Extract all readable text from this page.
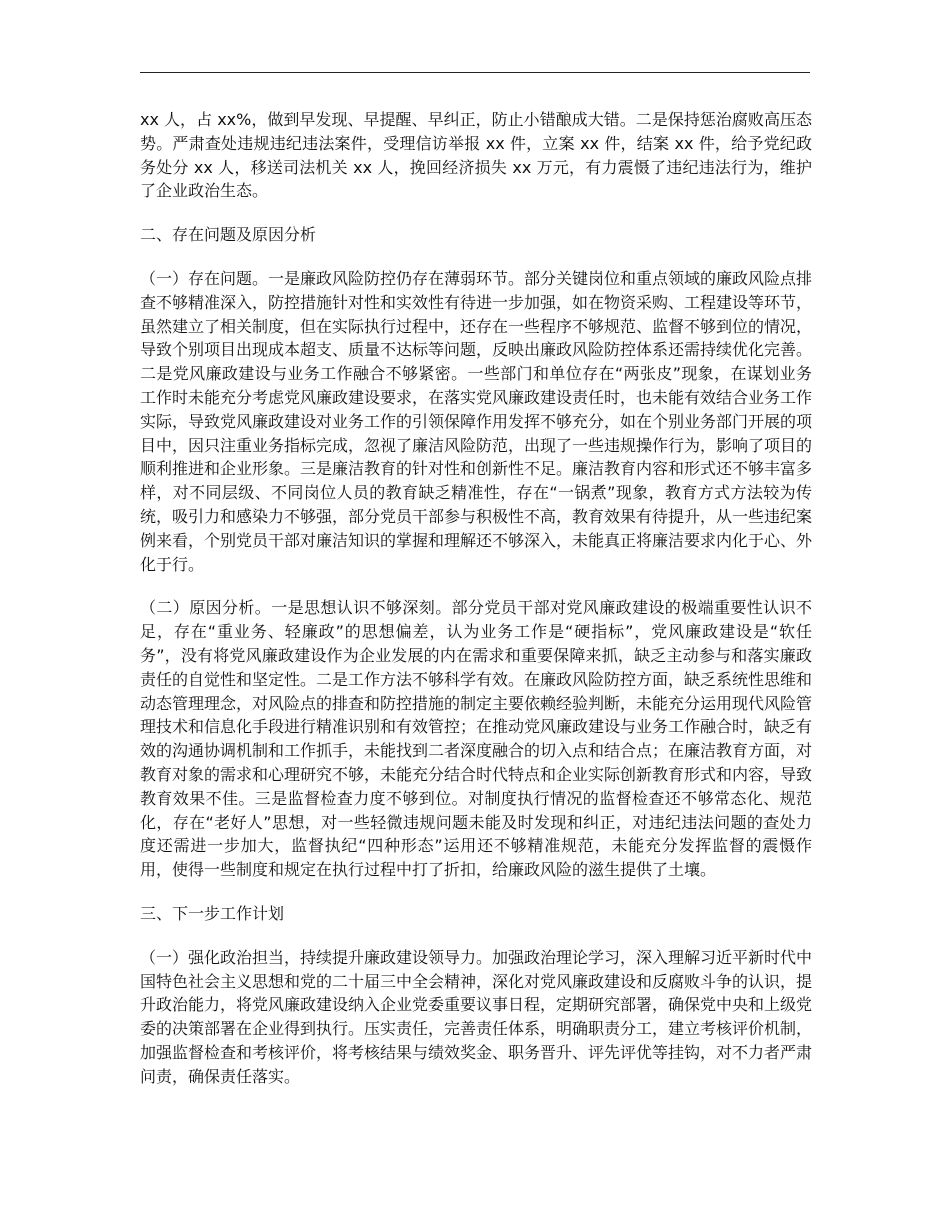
xx 人，占 xx%，做到早发现、早提醒、早纠正，防止小错酿成大错。二是保持惩治腐败高压态势。严肃查处违规违纪违法案件，受理信访举报 xx 件，立案 xx 件，结案 xx 件，给予党纪政务处分 xx 人，移送司法机关 xx 人，挽回经济损失 xx 万元，有力震慑了违纪违法行为，维护了企业政治生态。

二、存在问题及原因分析

（一）存在问题。一是廉政风险防控仍存在薄弱环节。部分关键岗位和重点领域的廉政风险点排查不够精准深入，防控措施针对性和实效性有待进一步加强，如在物资采购、工程建设等环节，虽然建立了相关制度，但在实际执行过程中，还存在一些程序不够规范、监督不够到位的情况，导致个别项目出现成本超支、质量不达标等问题，反映出廉政风险防控体系还需持续优化完善。二是党风廉政建设与业务工作融合不够紧密。一些部门和单位存在“两张皮”现象，在谋划业务工作时未能充分考虑党风廉政建设要求，在落实党风廉政建设责任时，也未能有效结合业务工作实际，导致党风廉政建设对业务工作的引领保障作用发挥不够充分，如在个别业务部门开展的项目中，因只注重业务指标完成，忽视了廉洁风险防范，出现了一些违规操作行为，影响了项目的顺利推进和企业形象。三是廉洁教育的针对性和创新性不足。廉洁教育内容和形式还不够丰富多样，对不同层级、不同岗位人员的教育缺乏精准性，存在“一锅煮”现象，教育方式方法较为传统，吸引力和感染力不够强，部分党员干部参与积极性不高，教育效果有待提升，从一些违纪案例来看，个别党员干部对廉洁知识的掌握和理解还不够深入，未能真正将廉洁要求内化于心、外化于行。

（二）原因分析。一是思想认识不够深刻。部分党员干部对党风廉政建设的极端重要性认识不足，存在“重业务、轻廉政”的思想偏差，认为业务工作是“硬指标”，党风廉政建设是“软任务”，没有将党风廉政建设作为企业发展的内在需求和重要保障来抓，缺乏主动参与和落实廉政责任的自觉性和坚定性。二是工作方法不够科学有效。在廉政风险防控方面，缺乏系统性思维和动态管理理念，对风险点的排查和防控措施的制定主要依赖经验判断，未能充分运用现代风险管理技术和信息化手段进行精准识别和有效管控；在推动党风廉政建设与业务工作融合时，缺乏有效的沟通协调机制和工作抓手，未能找到二者深度融合的切入点和结合点；在廉洁教育方面，对教育对象的需求和心理研究不够，未能充分结合时代特点和企业实际创新教育形式和内容，导致教育效果不佳。三是监督检查力度不够到位。对制度执行情况的监督检查还不够常态化、规范化，存在“老好人”思想，对一些轻微违规问题未能及时发现和纠正，对违纪违法问题的查处力度还需进一步加大，监督执纪“四种形态”运用还不够精准规范，未能充分发挥监督的震慑作用，使得一些制度和规定在执行过程中打了折扣，给廉政风险的滋生提供了土壤。

三、下一步工作计划

（一）强化政治担当，持续提升廉政建设领导力。加强政治理论学习，深入理解习近平新时代中国特色社会主义思想和党的二十届三中全会精神，深化对党风廉政建设和反腐败斗争的认识，提升政治能力，将党风廉政建设纳入企业党委重要议事日程，定期研究部署，确保党中央和上级党委的决策部署在企业得到执行。压实责任，完善责任体系，明确职责分工，建立考核评价机制，加强监督检查和考核评价，将考核结果与绩效奖金、职务晋升、评先评优等挂钩，对不力者严肃问责，确保责任落实。
